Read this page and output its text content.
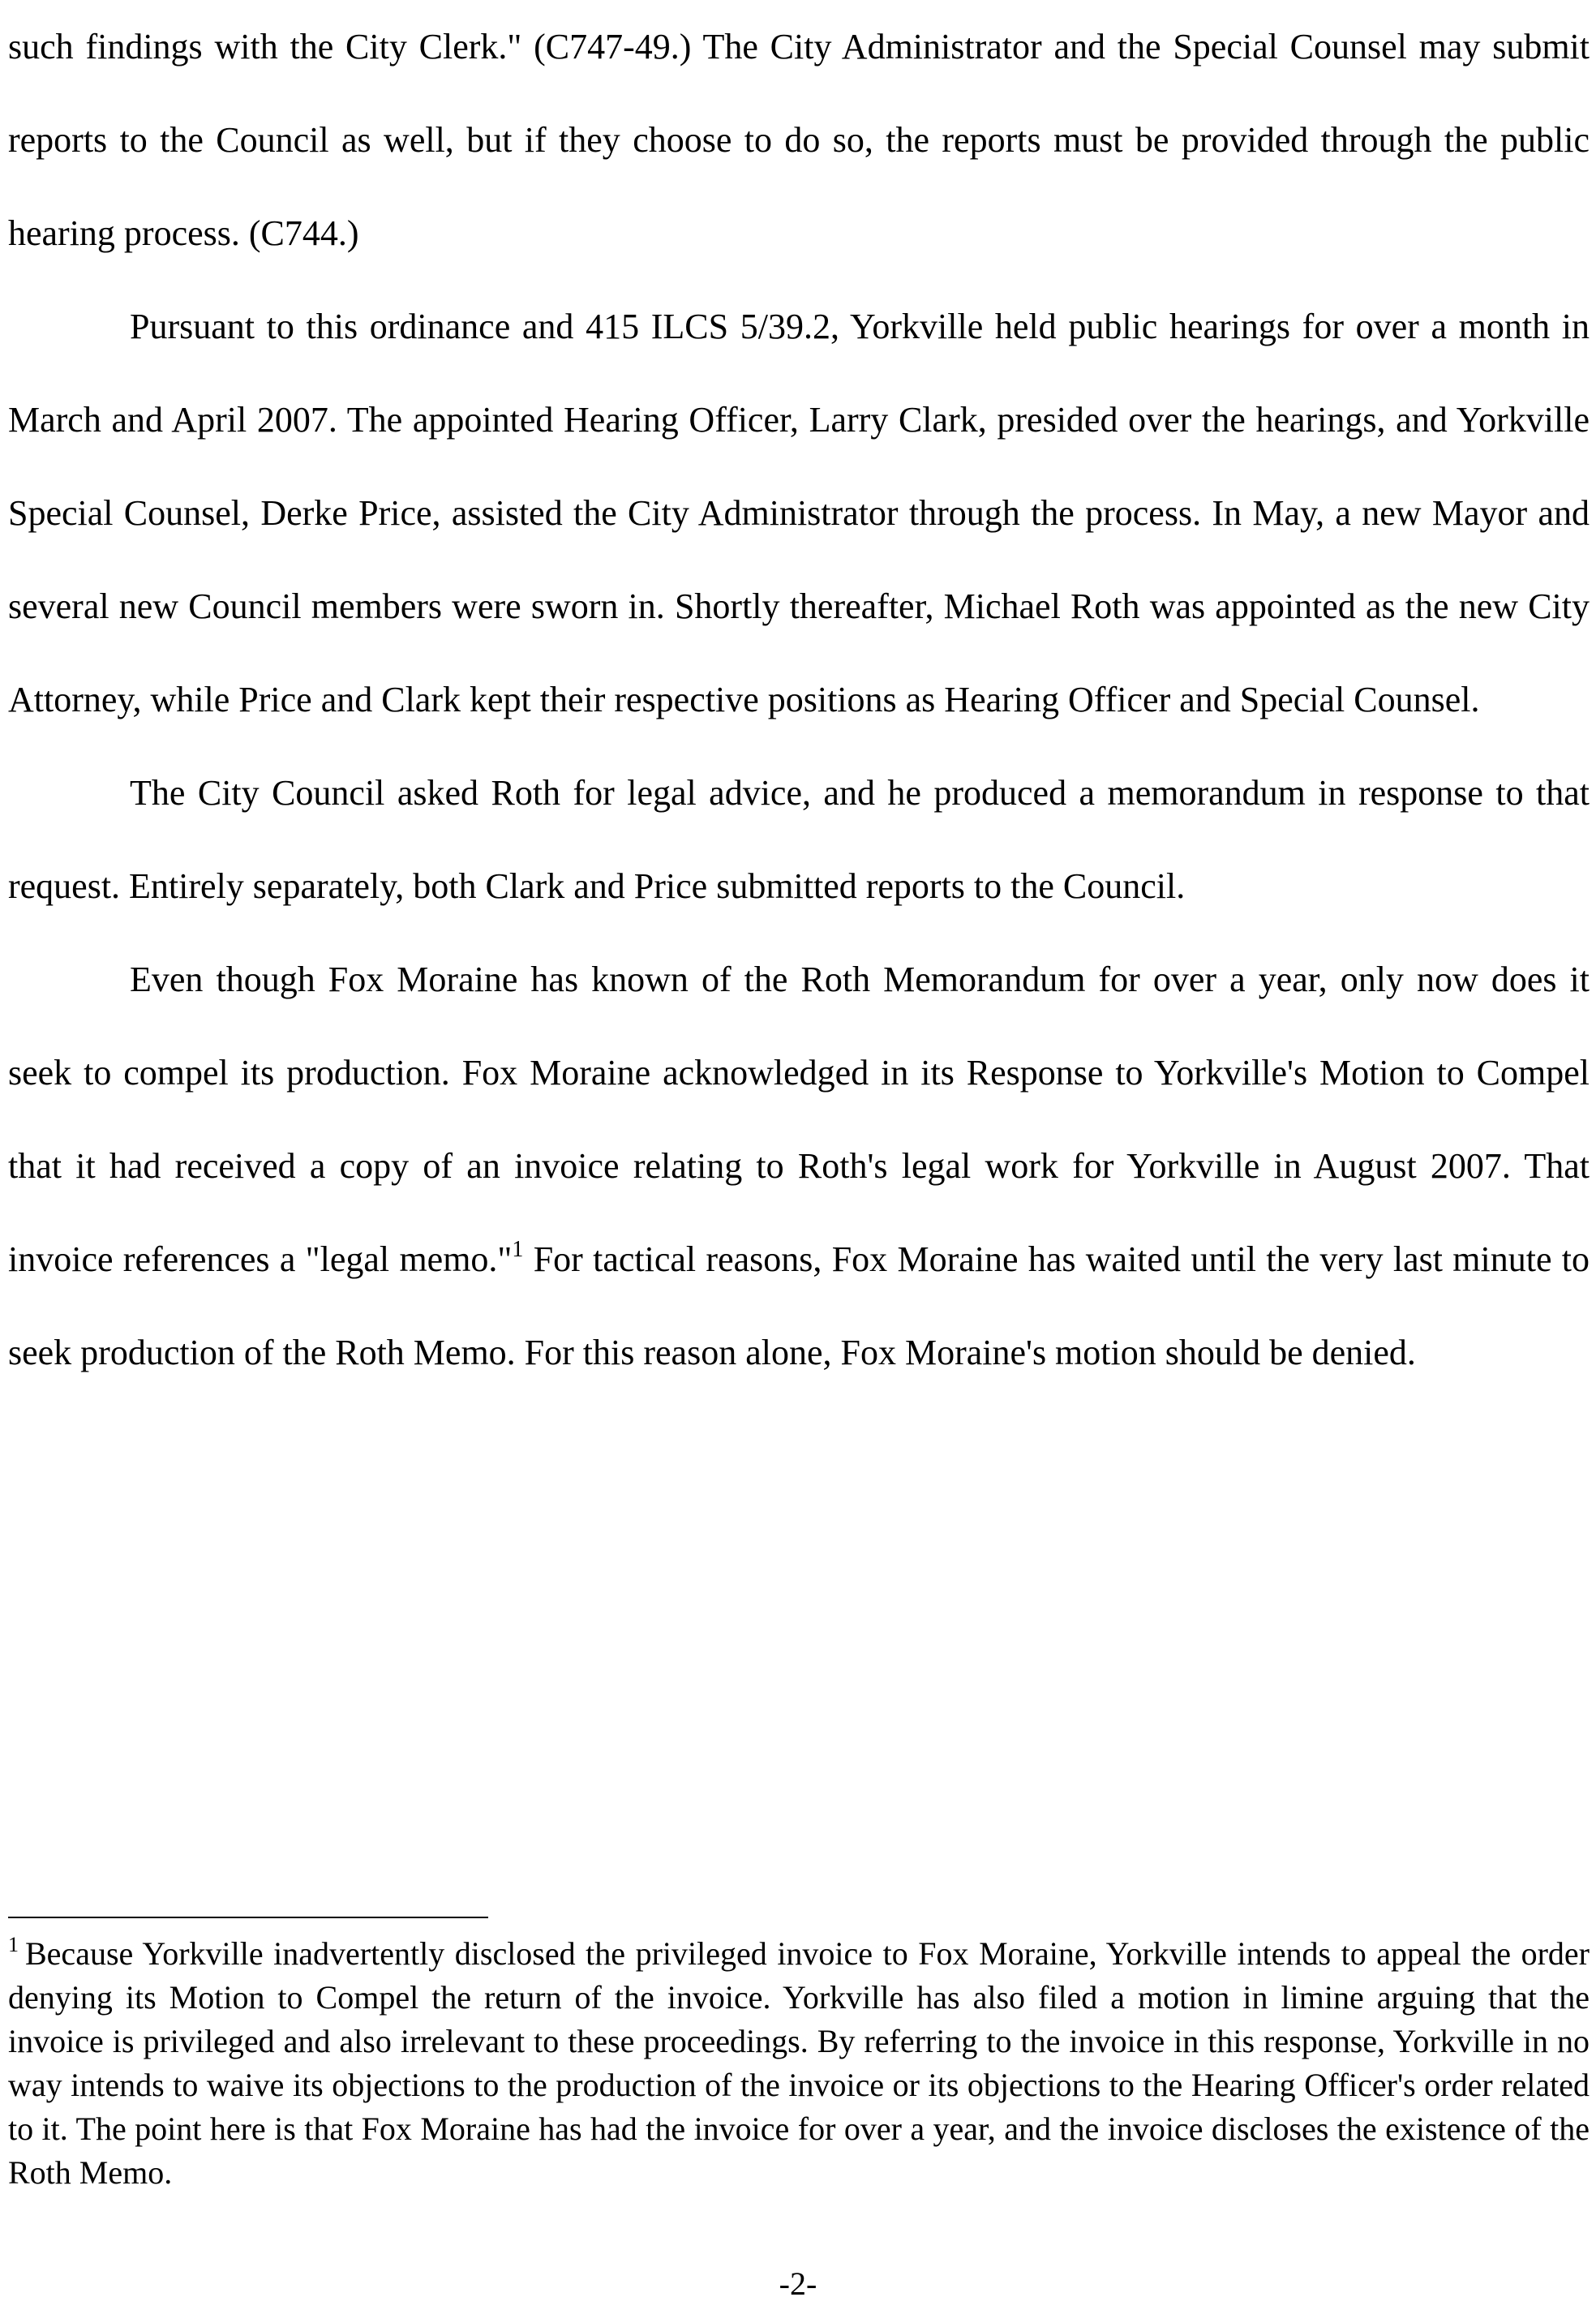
such findings with the City Clerk." (C747-49.) The City Administrator and the Special Counsel may submit reports to the Council as well, but if they choose to do so, the reports must be provided through the public hearing process. (C744.)

Pursuant to this ordinance and 415 ILCS 5/39.2, Yorkville held public hearings for over a month in March and April 2007. The appointed Hearing Officer, Larry Clark, presided over the hearings, and Yorkville Special Counsel, Derke Price, assisted the City Administrator through the process. In May, a new Mayor and several new Council members were sworn in. Shortly thereafter, Michael Roth was appointed as the new City Attorney, while Price and Clark kept their respective positions as Hearing Officer and Special Counsel.

The City Council asked Roth for legal advice, and he produced a memorandum in response to that request. Entirely separately, both Clark and Price submitted reports to the Council.

Even though Fox Moraine has known of the Roth Memorandum for over a year, only now does it seek to compel its production. Fox Moraine acknowledged in its Response to Yorkville's Motion to Compel that it had received a copy of an invoice relating to Roth's legal work for Yorkville in August 2007. That invoice references a "legal memo."$^1$ For tactical reasons, Fox Moraine has waited until the very last minute to seek production of the Roth Memo. For this reason alone, Fox Moraine's motion should be denied.

$^1$ Because Yorkville inadvertently disclosed the privileged invoice to Fox Moraine, Yorkville intends to appeal the order denying its Motion to Compel the return of the invoice. Yorkville has also filed a motion in limine arguing that the invoice is privileged and also irrelevant to these proceedings. By referring to the invoice in this response, Yorkville in no way intends to waive its objections to the production of the invoice or its objections to the Hearing Officer's order related to it. The point here is that Fox Moraine has had the invoice for over a year, and the invoice discloses the existence of the Roth Memo.

-2-
